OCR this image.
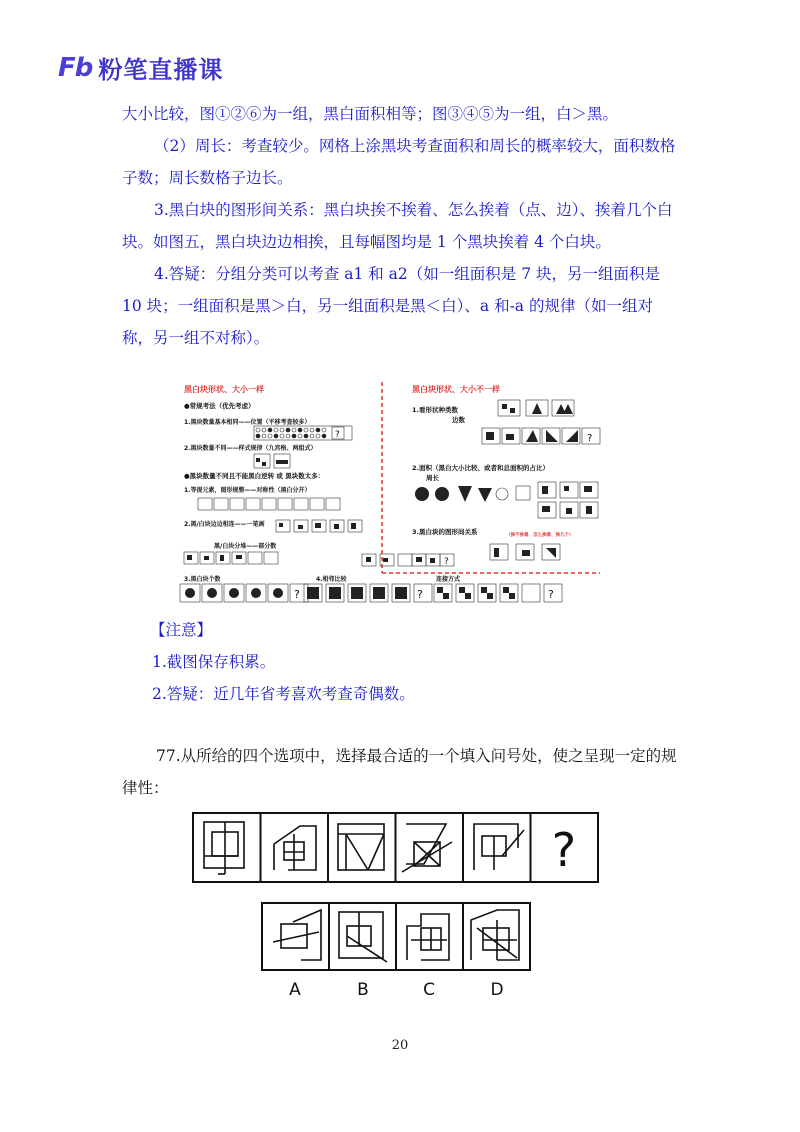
Fb 粉笔直播课
大小比较，图①②⑥为一组，黑白面积相等；图③④⑤为一组，白＞黑。
（2）周长：考查较少。网格上涂黑块考查面积和周长的概率较大，面积数格子数；周长数格子边长。
3.黑白块的图形间关系：黑白块挨不挨着、怎么挨着（点、边）、挨着几个白块。如图五，黑白块边边相挨，且每幅图均是 1 个黑块挨着 4 个白块。
4.答疑：分组分类可以考查 a1 和 a2（如一组面积是 7 块，另一组面积是 10 块；一组面积是黑＞白，另一组面积是黑＜白）、a 和-a 的规律（如一组对称，另一组不对称）。
黑白块形状、大小一样
●常规考法（优先考虑）
1.黑块数量基本相同——位置（平移考查较多）
?
2.黑块数量不同——样式规律（九宫格、两组式）
●黑块数量不同且不能黑白逆转 或 黑块数太多：
1.等提元素，图形规整——对称性（黑白分开）
2.黑/白块边边相连——一笔画
黑/白块分堆——部分数
?
3.黑白块个数	4.相邻比较	连接方式
?	?	?
黑白块形状、大小不一样
1.看形状种类数
边数
?
2.面积（黑白大小比较、或者和总面积的占比）
周长
3.黑白块的图形间关系	（挨不挨着、怎么挨着、挨几个）
【注意】
1.截图保存积累。
2.答疑：近几年省考喜欢考查奇偶数。
77.从所给的四个选项中，选择最合适的一个填入问号处，使之呈现一定的规律性：
?
A	B	C	D
20
